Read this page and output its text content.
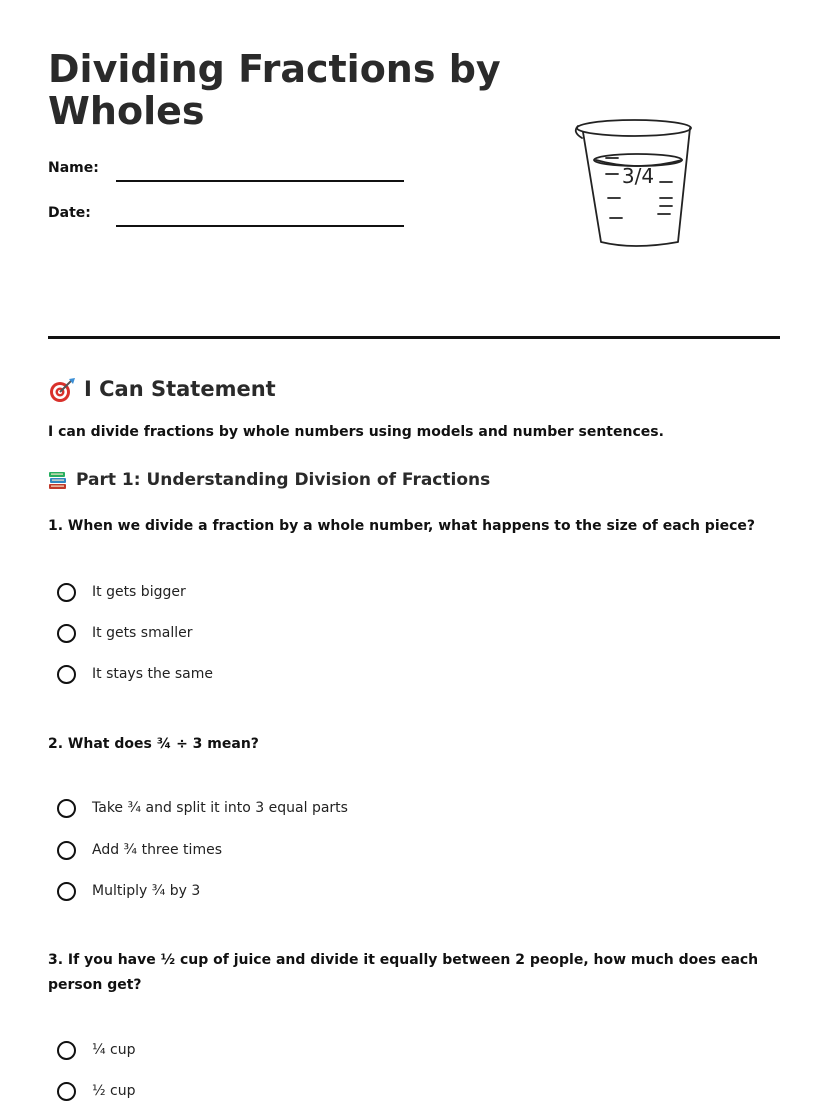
Dividing Fractions by Wholes
Name:
Date:
3/4
I Can Statement
I can divide fractions by whole numbers using models and number sentences.
Part 1: Understanding Division of Fractions
1. When we divide a fraction by a whole number, what happens to the size of each piece?
It gets bigger
It gets smaller
It stays the same
2. What does ¾ ÷ 3 mean?
Take ¾ and split it into 3 equal parts
Add ¾ three times
Multiply ¾ by 3
3. If you have ½ cup of juice and divide it equally between 2 people, how much does each person get?
¼ cup
½ cup
